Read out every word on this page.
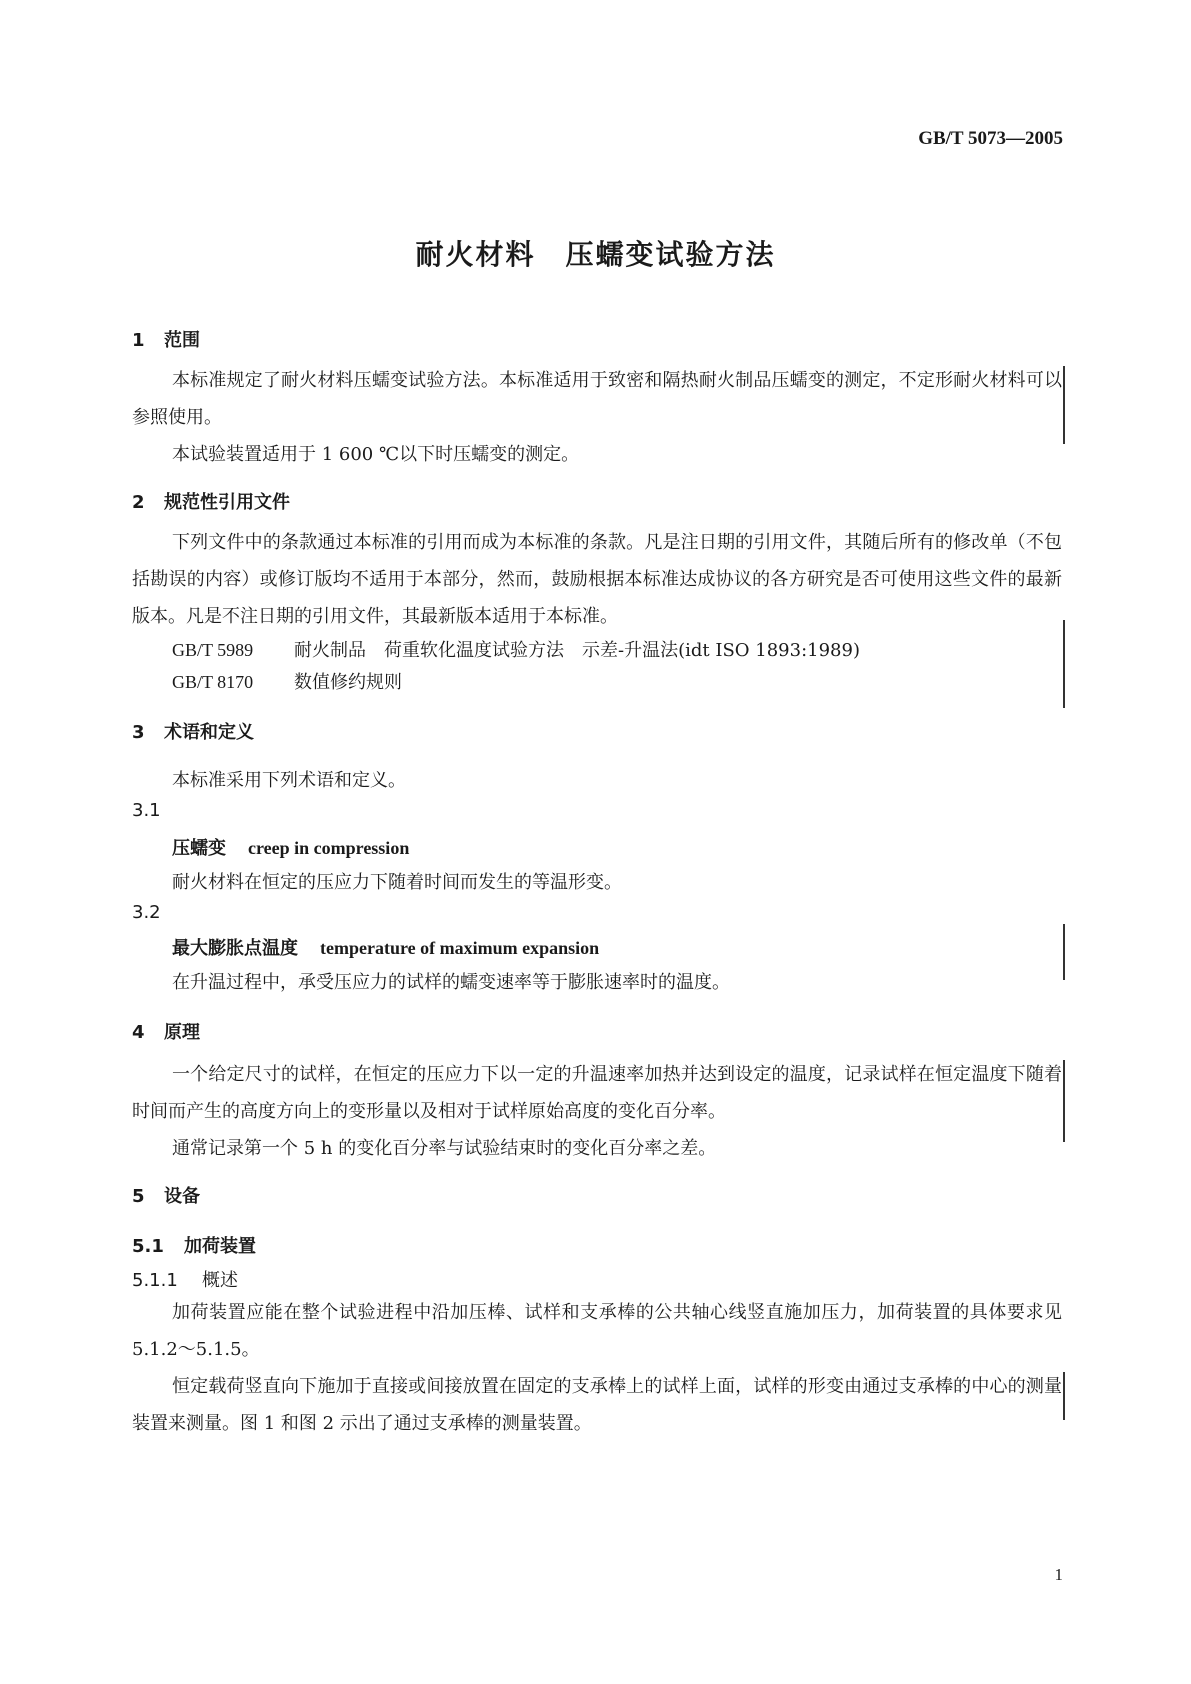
GB/T 5073—2005
耐火材料　压蠕变试验方法
1 范围
本标准规定了耐火材料压蠕变试验方法。本标准适用于致密和隔热耐火制品压蠕变的测定，不定形耐火材料可以参照使用。
本试验装置适用于 1 600 ℃以下时压蠕变的测定。
2 规范性引用文件
下列文件中的条款通过本标准的引用而成为本标准的条款。凡是注日期的引用文件，其随后所有的修改单（不包括勘误的内容）或修订版均不适用于本部分，然而，鼓励根据本标准达成协议的各方研究是否可使用这些文件的最新版本。凡是不注日期的引用文件，其最新版本适用于本标准。
GB/T 5989 耐火制品　荷重软化温度试验方法　示差-升温法(idt ISO 1893:1989)
GB/T 8170 数值修约规则
3 术语和定义
本标准采用下列术语和定义。
3.1
压蠕变 creep in compression
耐火材料在恒定的压应力下随着时间而发生的等温形变。
3.2
最大膨胀点温度 temperature of maximum expansion
在升温过程中，承受压应力的试样的蠕变速率等于膨胀速率时的温度。
4 原理
一个给定尺寸的试样，在恒定的压应力下以一定的升温速率加热并达到设定的温度，记录试样在恒定温度下随着时间而产生的高度方向上的变形量以及相对于试样原始高度的变化百分率。
通常记录第一个 5 h 的变化百分率与试验结束时的变化百分率之差。
5 设备
5.1 加荷装置
5.1.1 概述
加荷装置应能在整个试验进程中沿加压棒、试样和支承棒的公共轴心线竖直施加压力，加荷装置的具体要求见 5.1.2～5.1.5。
恒定载荷竖直向下施加于直接或间接放置在固定的支承棒上的试样上面，试样的形变由通过支承棒的中心的测量装置来测量。图 1 和图 2 示出了通过支承棒的测量装置。
1
